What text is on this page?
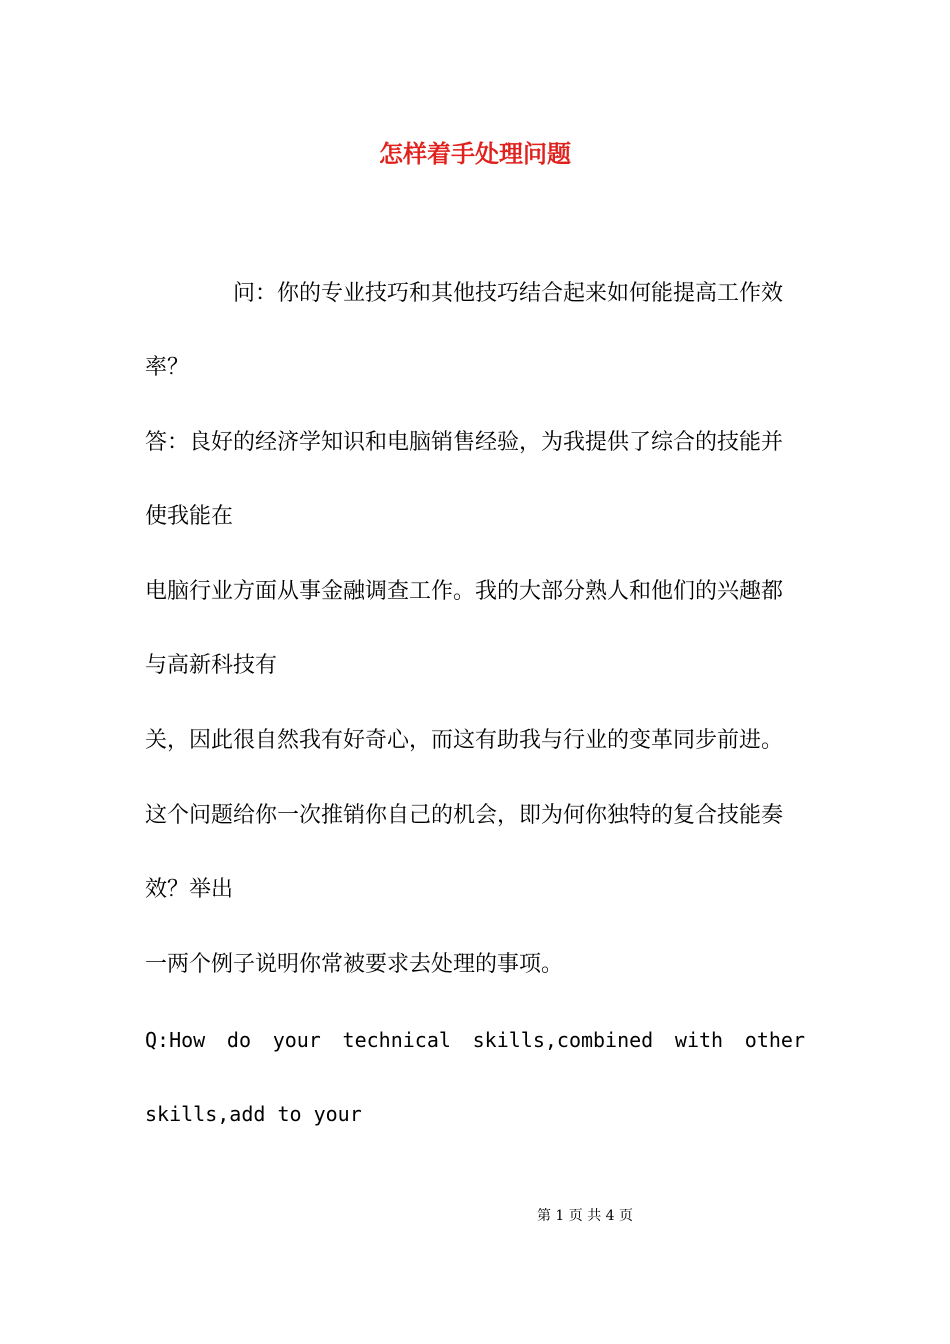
怎样着手处理问题
问：你的专业技巧和其他技巧结合起来如何能提高工作效
率？
答：良好的经济学知识和电脑销售经验，为我提供了综合的技能并
使我能在
电脑行业方面从事金融调查工作。我的大部分熟人和他们的兴趣都
与高新科技有
关，因此很自然我有好奇心，而这有助我与行业的变革同步前进。
这个问题给你一次推销你自己的机会，即为何你独特的复合技能奏
效？举出
一两个例子说明你常被要求去处理的事项。
Q:How do your technical skills,combined with other
skills,add to your
第 1 页 共 4 页
